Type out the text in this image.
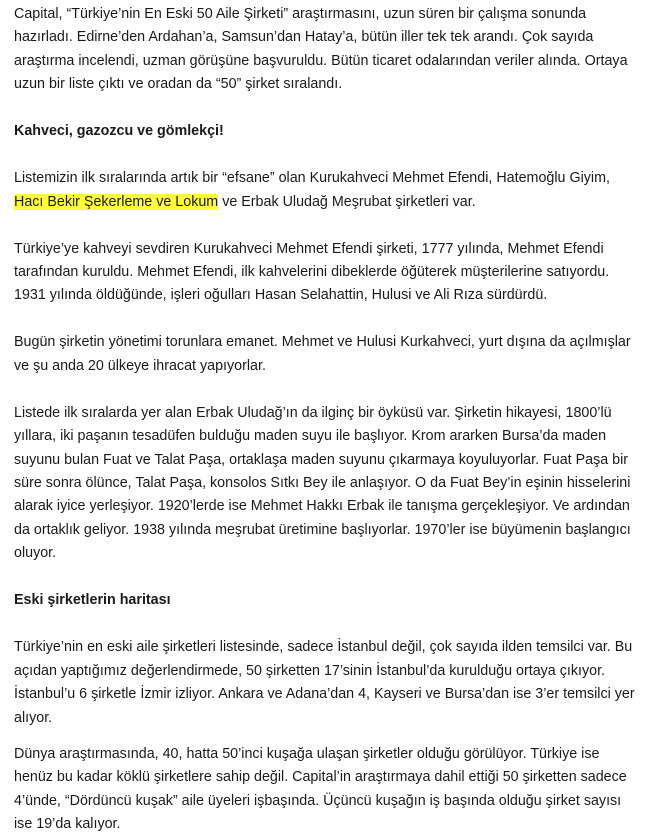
Capital, “Türkiye’nin En Eski 50 Aile Şirketi” araştırmasını, uzun süren bir çalışma sonunda hazırladı. Edirne’den Ardahan’a, Samsun’dan Hatay’a, bütün iller tek tek arandı. Çok sayıda araştırma incelendi, uzman görüşüne başvuruldu. Bütün ticaret odalarından veriler alında. Ortaya uzun bir liste çıktı ve oradan da “50” şirket sıralandı.

Kahveci, gazozcu ve gömlekçi!

Listemizin ilk sıralarında artık bir “efsane” olan Kurukahveci Mehmet Efendi, Hatemoğlu Giyim, Hacı Bekir Şekerleme ve Lokum ve Erbak Uludağ Meşrubat şirketleri var.

Türkiye’ye kahveyi sevdiren Kurukahveci Mehmet Efendi şirketi, 1777 yılında, Mehmet Efendi tarafından kuruldu. Mehmet Efendi, ilk kahvelerini dibeklerde öğüterek müşterilerine satıyordu. 1931 yılında öldüğünde, işleri oğulları Hasan Selahattin, Hulusi ve Ali Rıza sürdürdü.

Bugün şirketin yönetimi torunlara emanet. Mehmet ve Hulusi Kurkahveci, yurt dışına da açılmışlar ve şu anda 20 ülkeye ihracat yapıyorlar.

Listede ilk sıralarda yer alan Erbak Uludağ’ın da ilginç bir öyküsü var. Şirketin hikayesi, 1800’lü yıllara, iki paşanın tesadüfen bulduğu maden suyu ile başlıyor. Krom ararken Bursa’da maden suyunu bulan Fuat ve Talat Paşa, ortaklaşa maden suyunu çıkarmaya koyuluyorlar. Fuat Paşa bir süre sonra ölünce, Talat Paşa, konsolos Sıtkı Bey ile anlaşıyor. O da Fuat Bey’in eşinin hisselerini alarak iyice yerleşiyor. 1920’lerde ise Mehmet Hakkı Erbak ile tanışma gerçekleşiyor. Ve ardından da ortaklık geliyor. 1938 yılında meşrubat üretimine başlıyorlar. 1970’ler ise büyümenin başlangıcı oluyor.

Eski şirketlerin haritası

Türkiye’nin en eski aile şirketleri listesinde, sadece İstanbul değil, çok sayıda ilden temsilci var. Bu açıdan yaptığımız değerlendirmede, 50 şirketten 17’sinin İstanbul’da kurulduğu ortaya çıkıyor. İstanbul’u 6 şirketle İzmir izliyor. Ankara ve Adana’dan 4, Kayseri ve Bursa’dan ise 3’er temsilci yer alıyor.

Dünya araştırmasında, 40, hatta 50’inci kuşağa ulaşan şirketler olduğu görülüyor. Türkiye ise henüz bu kadar köklü şirketlere sahip değil. Capital’in araştırmaya dahil ettiği 50 şirketten sadece 4’ünde, “Dördüncü kuşak” aile üyeleri işbaşında. Üçüncü kuşağın iş başında olduğu şirket sayısı ise 19’da kalıyor.
